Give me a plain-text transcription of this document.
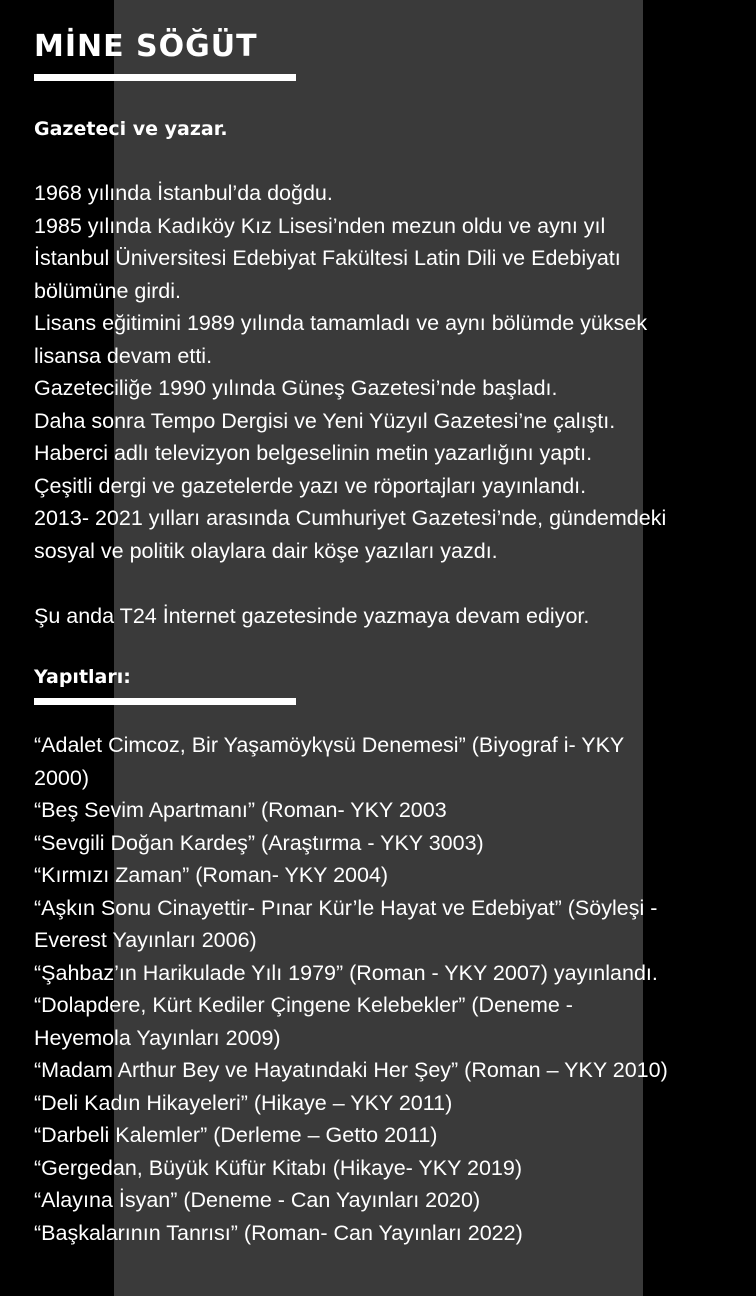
MİNE SÖĞÜT
Gazeteci ve yazar.

1968 yılında İstanbul’da doğdu.

1985 yılında Kadıköy Kız Lisesi’nden mezun oldu ve aynı yıl

İstanbul Üniversitesi Edebiyat Fakültesi Latin Dili ve Edebiyatı

bölümüne girdi.

Lisans eğitimini 1989 yılında tamamladı ve aynı bölümde yüksek

lisansa devam etti.

Gazeteciliğe 1990 yılında Güneş Gazetesi’nde başladı.

Daha sonra Tempo Dergisi ve Yeni Yüzyıl Gazetesi’ne çalıştı.

Haberci adlı televizyon belgeselinin metin yazarlığını yaptı.

Çeşitli dergi ve gazetelerde yazı ve röportajları yayınlandı.

2013- 2021 yılları arasında Cumhuriyet Gazetesi’nde, gündemdeki

sosyal ve politik olaylara dair köşe yazıları yazdı.

Şu anda T24 İnternet gazetesinde yazmaya devam ediyor.

Yapıtları:

“Adalet Cimcoz, Bir Yaşamöykүsü Denemesi” (Biyograf i- YKY

2000)

“Beş Sevim Apartmanı” (Roman- YKY 2003

“Sevgili Doğan Kardeş” (Araştırma - YKY 3003)

“Kırmızı Zaman” (Roman- YKY 2004)

“Aşkın Sonu Cinayettir- Pınar Kür’le Hayat ve Edebiyat” (Söyleşi -

Everest Yayınları 2006)

“Şahbaz’ın Harikulade Yılı 1979” (Roman - YKY 2007) yayınlandı.

“Dolapdere, Kürt Kediler Çingene Kelebekler” (Deneme -

Heyemola Yayınları 2009)

“Madam Arthur Bey ve Hayatındaki Her Şey” (Roman – YKY 2010)

“Deli Kadın Hikayeleri” (Hikaye – YKY 2011)

“Darbeli Kalemler” (Derleme – Getto 2011)

“Gergedan, Büyük Küfür Kitabı (Hikaye- YKY 2019)

“Alayına İsyan” (Deneme - Can Yayınları 2020)

“Başkalarının Tanrısı” (Roman- Can Yayınları 2022)
